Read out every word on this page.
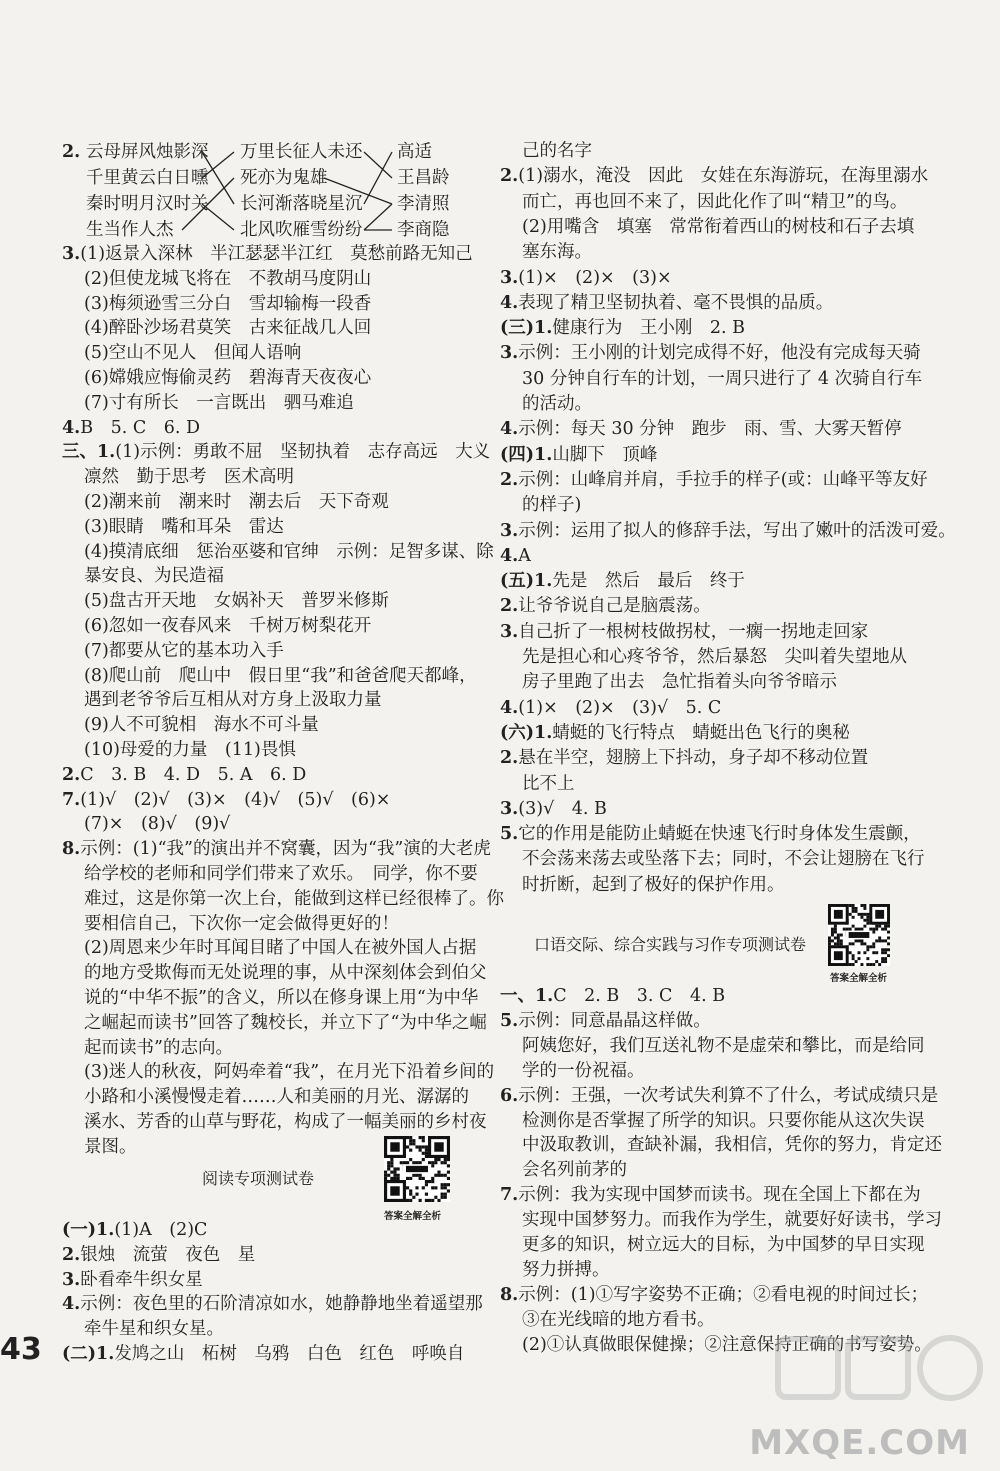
2. 云母屏风烛影深
千里黄云白日曛
秦时明月汉时关
生当作人杰
万里长征人未还
死亦为鬼雄
长河渐落晓星沉
北风吹雁雪纷纷
高适
王昌龄
李清照
李商隐
3.(1)返景入深林　半江瑟瑟半江红　莫愁前路无知己
(2)但使龙城飞将在　不教胡马度阴山
(3)梅须逊雪三分白　雪却输梅一段香
(4)醉卧沙场君莫笑　古来征战几人回
(5)空山不见人　但闻人语响
(6)嫦娥应悔偷灵药　碧海青天夜夜心
(7)寸有所长　一言既出　驷马难追
4.B　5. C　6. D
三、1.(1)示例：勇敢不屈　坚韧执着　志存高远　大义
凛然　勤于思考　医术高明
(2)潮来前　潮来时　潮去后　天下奇观
(3)眼睛　嘴和耳朵　雷达
(4)摸清底细　惩治巫婆和官绅　示例：足智多谋、除
暴安良、为民造福
(5)盘古开天地　女娲补天　普罗米修斯
(6)忽如一夜春风来　千树万树梨花开
(7)都要从它的基本功入手
(8)爬山前　爬山中　假日里“我”和爸爸爬天都峰，
遇到老爷爷后互相从对方身上汲取力量
(9)人不可貌相　海水不可斗量
(10)母爱的力量　(11)畏惧
2.C　3. B　4. D　5. A　6. D
7.(1)√　(2)√　(3)×　(4)√　(5)√　(6)×
(7)×　(8)√　(9)√
8.示例：(1)“我”的演出并不窝囊，因为“我”演的大老虎
给学校的老师和同学们带来了欢乐。　同学，你不要
难过，这是你第一次上台，能做到这样已经很棒了。你
要相信自己，下次你一定会做得更好的！
(2)周恩来少年时耳闻目睹了中国人在被外国人占据
的地方受欺侮而无处说理的事，从中深刻体会到伯父
说的“中华不振”的含义，所以在修身课上用“为中华
之崛起而读书”回答了魏校长，并立下了“为中华之崛
起而读书”的志向。
(3)迷人的秋夜，阿妈牵着“我”，在月光下沿着乡间的
小路和小溪慢慢走着……人和美丽的月光、潺潺的
溪水、芳香的山草与野花，构成了一幅美丽的乡村夜
景图。
阅读专项测试卷
答案全解全析
(一)1.(1)A　(2)C
2.银烛　流萤　夜色　星
3.卧看牵牛织女星
4.示例：夜色里的石阶清凉如水，她静静地坐着遥望那
牵牛星和织女星。
(二)1.发鸠之山　柘树　乌鸦　白色　红色　呼唤自
己的名字
2.(1)溺水，淹没　因此　女娃在东海游玩，在海里溺水
而亡，再也回不来了，因此化作了叫“精卫”的鸟。
(2)用嘴含　填塞　常常衔着西山的树枝和石子去填
塞东海。
3.(1)×　(2)×　(3)×
4.表现了精卫坚韧执着、毫不畏惧的品质。
(三)1.健康行为　王小刚　2. B
3.示例：王小刚的计划完成得不好，他没有完成每天骑
30 分钟自行车的计划，一周只进行了 4 次骑自行车
的活动。
4.示例：每天 30 分钟　跑步　雨、雪、大雾天暂停
(四)1.山脚下　顶峰
2.示例：山峰肩并肩，手拉手的样子(或：山峰平等友好
的样子)
3.示例：运用了拟人的修辞手法，写出了嫩叶的活泼可爱。
4.A
(五)1.先是　然后　最后　终于
2.让爷爷说自己是脑震荡。
3.自己折了一根树枝做拐杖，一瘸一拐地走回家
先是担心和心疼爷爷，然后暴怒　尖叫着失望地从
房子里跑了出去　急忙指着头向爷爷暗示
4.(1)×　(2)×　(3)√　5. C
(六)1.蜻蜓的飞行特点　蜻蜓出色飞行的奥秘
2.悬在半空，翅膀上下抖动，身子却不移动位置
比不上
3.(3)√　4. B
5.它的作用是能防止蜻蜓在快速飞行时身体发生震颤，
不会荡来荡去或坠落下去；同时，不会让翅膀在飞行
时折断，起到了极好的保护作用。
口语交际、综合实践与习作专项测试卷
答案全解全析
一、1.C　2. B　3. C　4. B
5.示例：同意晶晶这样做。
阿姨您好，我们互送礼物不是虚荣和攀比，而是给同
学的一份祝福。
6.示例：王强，一次考试失利算不了什么，考试成绩只是
检测你是否掌握了所学的知识。只要你能从这次失误
中汲取教训，查缺补漏，我相信，凭你的努力，肯定还
会名列前茅的
7.示例：我为实现中国梦而读书。现在全国上下都在为
实现中国梦努力。而我作为学生，就要好好读书，学习
更多的知识，树立远大的目标，为中国梦的早日实现
努力拼搏。
8.示例：(1)①写字姿势不正确；②看电视的时间过长；
③在光线暗的地方看书。
(2)①认真做眼保健操；②注意保持正确的书写姿势。
43
MXQE.COM
